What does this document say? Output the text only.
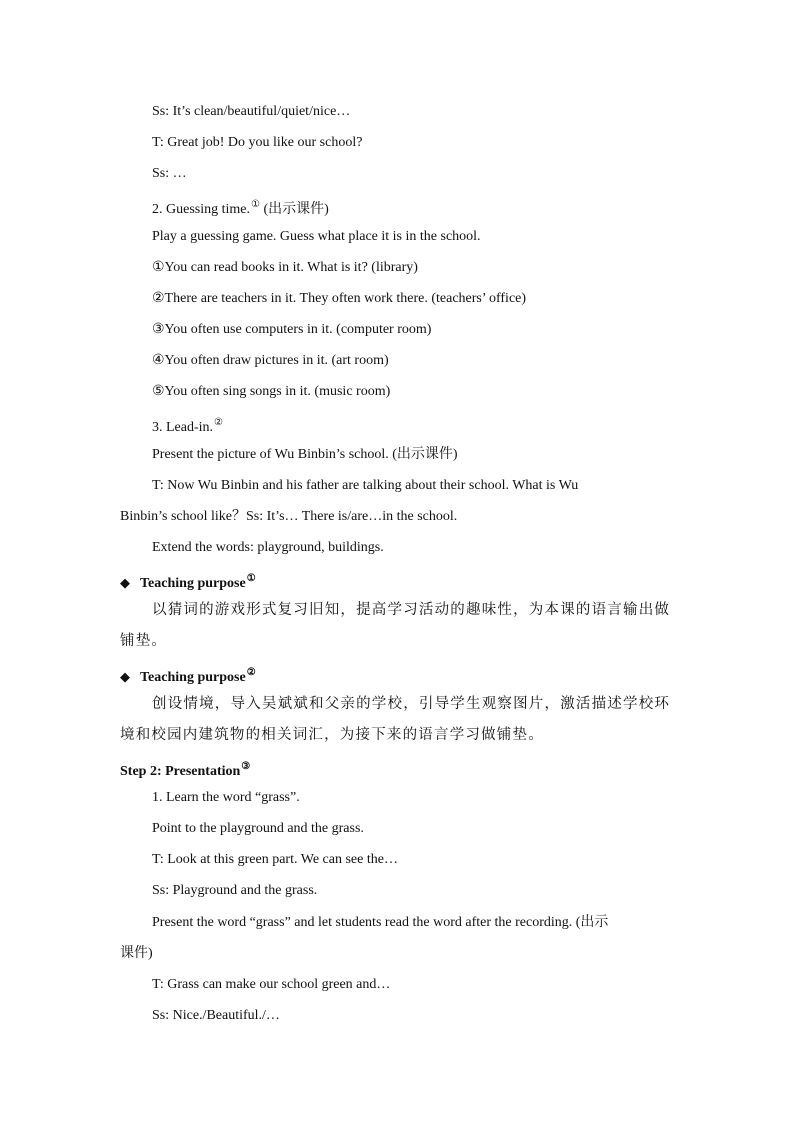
Ss: It’s clean/beautiful/quiet/nice…
T: Great job! Do you like our school?
Ss: …
2. Guessing time.① (出示课件)
Play a guessing game. Guess what place it is in the school.
①You can read books in it. What is it? (library)
②There are teachers in it. They often work there. (teachers’ office)
③You often use computers in it. (computer room)
④You often draw pictures in it. (art room)
⑤You often sing songs in it. (music room)
3. Lead-in.②
Present the picture of Wu Binbin’s school. (出示课件)
T: Now Wu Binbin and his father are talking about their school. What is Wu
Binbin’s school like？Ss: It’s… There is/are…in the school.
Extend the words: playground, buildings.
◆ Teaching purpose①
以猜词的游戏形式复习旧知，提高学习活动的趣味性，为本课的语言输出做
铺垫。
◆ Teaching purpose②
创设情境，导入吴斌斌和父亲的学校，引导学生观察图片，激活描述学校环
境和校园内建筑物的相关词汇，为接下来的语言学习做铺垫。
Step 2: Presentation③
1. Learn the word “grass”.
Point to the playground and the grass.
T: Look at this green part. We can see the…
Ss: Playground and the grass.
Present the word “grass” and let students read the word after the recording. (出示
课件)
T: Grass can make our school green and…
Ss: Nice./Beautiful./…
